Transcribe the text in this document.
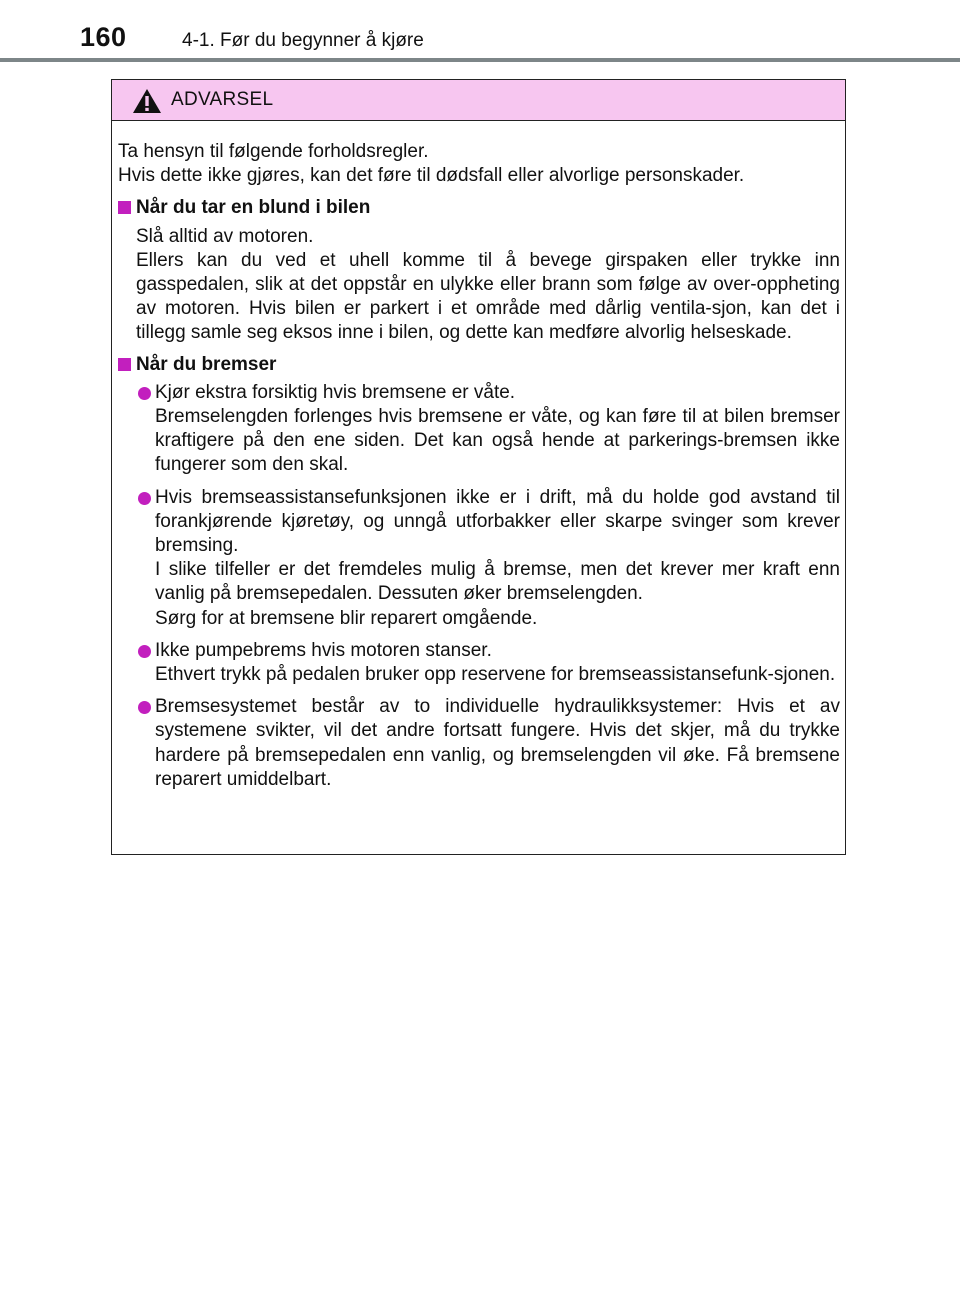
160	4-1. Før du begynner å kjøre
ADVARSEL

Ta hensyn til følgende forholdsregler.

Hvis dette ikke gjøres, kan det føre til dødsfall eller alvorlige personskader.

Når du tar en blund i bilen

Slå alltid av motoren.

Ellers kan du ved et uhell komme til å bevege girspaken eller trykke inn gasspedalen, slik at det oppstår en ulykke eller brann som følge av over-oppheting av motoren. Hvis bilen er parkert i et område med dårlig ventila-sjon, kan det i tillegg samle seg eksos inne i bilen, og dette kan medføre alvorlig helseskade.

Når du bremser

Kjør ekstra forsiktig hvis bremsene er våte.

Bremselengden forlenges hvis bremsene er våte, og kan føre til at bilen bremser kraftigere på den ene siden. Det kan også hende at parkerings-bremsen ikke fungerer som den skal.

Hvis bremseassistansefunksjonen ikke er i drift, må du holde god avstand til forankjørende kjøretøy, og unngå utforbakker eller skarpe svinger som krever bremsing.

I slike tilfeller er det fremdeles mulig å bremse, men det krever mer kraft enn vanlig på bremsepedalen. Dessuten øker bremselengden.

Sørg for at bremsene blir reparert omgående.

Ikke pumpebrems hvis motoren stanser.

Ethvert trykk på pedalen bruker opp reservene for bremseassistansefunk-sjonen.

Bremsesystemet består av to individuelle hydraulikksystemer: Hvis et av systemene svikter, vil det andre fortsatt fungere. Hvis det skjer, må du trykke hardere på bremsepedalen enn vanlig, og bremselengden vil øke. Få bremsene reparert umiddelbart.
